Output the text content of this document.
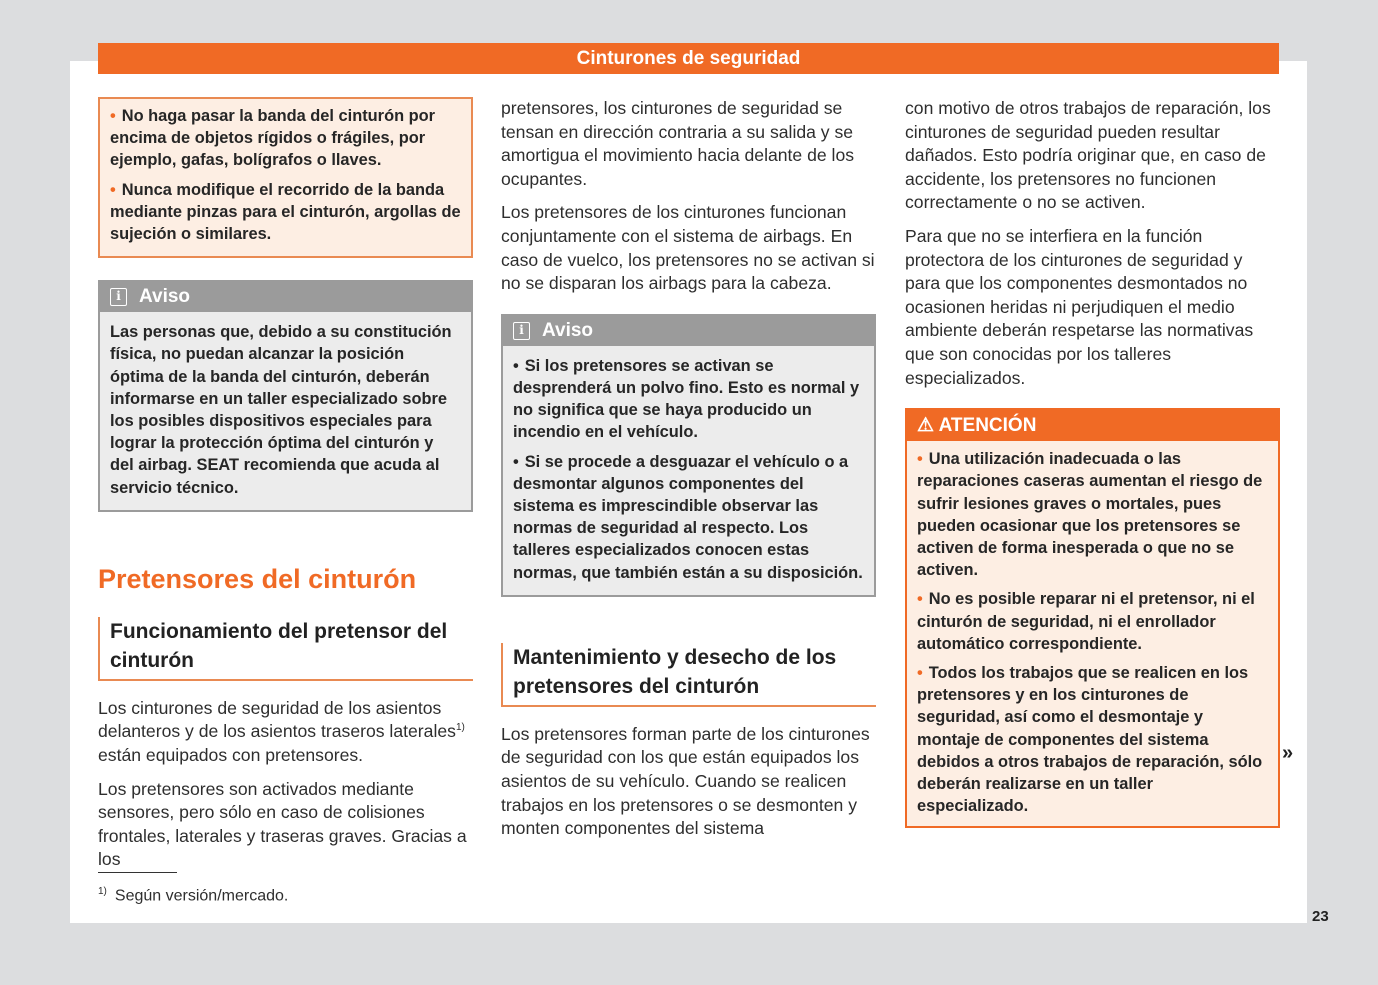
Cinturones de seguridad

• No haga pasar la banda del cinturón por encima de objetos rígidos o frágiles, por ejemplo, gafas, bolígrafos o llaves.

• Nunca modifique el recorrido de la banda mediante pinzas para el cinturón, argollas de sujeción o similares.

i Aviso

Las personas que, debido a su constitución física, no puedan alcanzar la posición óptima de la banda del cinturón, deberán informarse en un taller especializado sobre los posibles dispositivos especiales para lograr la protección óptima del cinturón y del airbag. SEAT recomienda que acuda al servicio técnico.

Pretensores del cinturón
Funcionamiento del pretensor del cinturón

Los cinturones de seguridad de los asientos delanteros y de los asientos traseros laterales$^{1)}$ están equipados con pretensores.

Los pretensores son activados mediante sensores, pero sólo en caso de colisiones frontales, laterales y traseras graves. Gracias a los

pretensores, los cinturones de seguridad se tensan en dirección contraria a su salida y se amortigua el movimiento hacia delante de los ocupantes.

Los pretensores de los cinturones funcionan conjuntamente con el sistema de airbags. En caso de vuelco, los pretensores no se activan si no se disparan los airbags para la cabeza.

i Aviso

• Si los pretensores se activan se desprenderá un polvo fino. Esto es normal y no significa que se haya producido un incendio en el vehículo.

• Si se procede a desguazar el vehículo o a desmontar algunos componentes del sistema es imprescindible observar las normas de seguridad al respecto. Los talleres especializados conocen estas normas, que también están a su disposición.

Mantenimiento y desecho de los pretensores del cinturón

Los pretensores forman parte de los cinturones de seguridad con los que están equipados los asientos de su vehículo. Cuando se realicen trabajos en los pretensores o se desmonten y monten componentes del sistema

con motivo de otros trabajos de reparación, los cinturones de seguridad pueden resultar dañados. Esto podría originar que, en caso de accidente, los pretensores no funcionen correctamente o no se activen.

Para que no se interfiera en la función protectora de los cinturones de seguridad y para que los componentes desmontados no ocasionen heridas ni perjudiquen el medio ambiente deberán respetarse las normativas que son conocidas por los talleres especializados.

⚠ ATENCIÓN

• Una utilización inadecuada o las reparaciones caseras aumentan el riesgo de sufrir lesiones graves o mortales, pues pueden ocasionar que los pretensores se activen de forma inesperada o que no se activen.

• No es posible reparar ni el pretensor, ni el cinturón de seguridad, ni el enrollador automático correspondiente.

• Todos los trabajos que se realicen en los pretensores y en los cinturones de seguridad, así como el desmontaje y montaje de componentes del sistema debidos a otros trabajos de reparación, sólo deberán realizarse en un taller especializado.

»
$^{1)}$ Según versión/mercado.
23
